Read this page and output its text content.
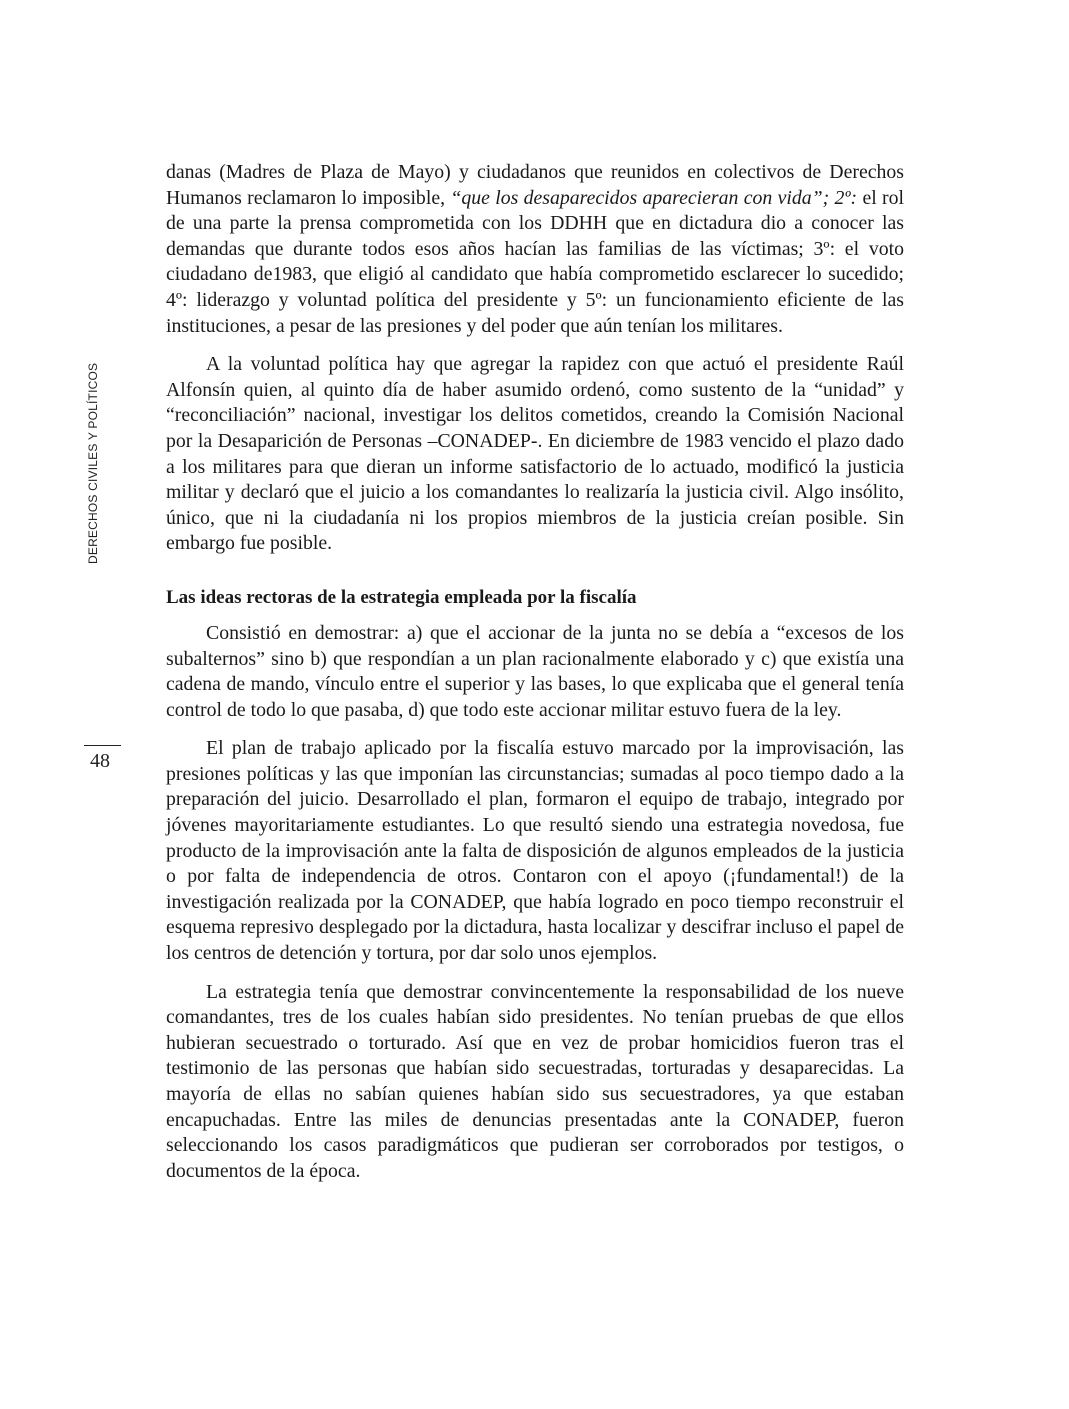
DERECHOS CIVILES Y POLÍTICOS
48

danas (Madres de Plaza de Mayo) y ciudadanos que reunidos en colectivos de Derechos Humanos reclamaron lo imposible, “que los desaparecidos aparecieran con vida”; 2º: el rol de una parte la prensa comprometida con los DDHH que en dictadura dio a conocer las demandas que durante todos esos años hacían las familias de las víctimas; 3º: el voto ciudadano de1983, que eligió al candidato que había comprometido esclarecer lo sucedido; 4º: liderazgo y voluntad política del presidente y 5º: un funcionamiento eficiente de las instituciones, a pesar de las presiones y del poder que aún tenían los militares.

A la voluntad política hay que agregar la rapidez con que actuó el presidente Raúl Alfonsín quien, al quinto día de haber asumido ordenó, como sustento de la “unidad” y “reconciliación” nacional, investigar los delitos cometidos, creando la Comisión Nacional por la Desaparición de Personas –CONADEP-. En diciembre de 1983 vencido el plazo dado a los militares para que dieran un informe satisfactorio de lo actuado, modificó la justicia militar y declaró que el juicio a los comandantes lo realizaría la justicia civil. Algo insólito, único, que ni la ciudadanía ni los propios miembros de la justicia creían posible. Sin embargo fue posible.

Las ideas rectoras de la estrategia empleada por la fiscalía

Consistió en demostrar: a) que el accionar de la junta no se debía a “excesos de los subalternos” sino b) que respondían a un plan racionalmente elaborado y c) que existía una cadena de mando, vínculo entre el superior y las bases, lo que explicaba que el general tenía control de todo lo que pasaba, d) que todo este accionar militar estuvo fuera de la ley.

El plan de trabajo aplicado por la fiscalía estuvo marcado por la improvisación, las presiones políticas y las que imponían las circunstancias; sumadas al poco tiempo dado a la preparación del juicio. Desarrollado el plan, formaron el equipo de trabajo, integrado por jóvenes mayoritariamente estudiantes. Lo que resultó siendo una estrategia novedosa, fue producto de la improvisación ante la falta de disposición de algunos empleados de la justicia o por falta de independencia de otros. Contaron con el apoyo (¡fundamental!) de la investigación realizada por la CONADEP, que había logrado en poco tiempo reconstruir el esquema represivo desplegado por la dictadura, hasta localizar y descifrar incluso el papel de los centros de detención y tortura, por dar solo unos ejemplos.

La estrategia tenía que demostrar convincentemente la responsabilidad de los nueve comandantes, tres de los cuales habían sido presidentes. No tenían pruebas de que ellos hubieran secuestrado o torturado. Así que en vez de probar homicidios fueron tras el testimonio de las personas que habían sido secuestradas, torturadas y desaparecidas. La mayoría de ellas no sabían quienes habían sido sus secuestradores, ya que estaban encapuchadas. Entre las miles de denuncias presentadas ante la CONADEP, fueron seleccionando los casos paradigmáticos que pudieran ser corroborados por testigos, o documentos de la época.
